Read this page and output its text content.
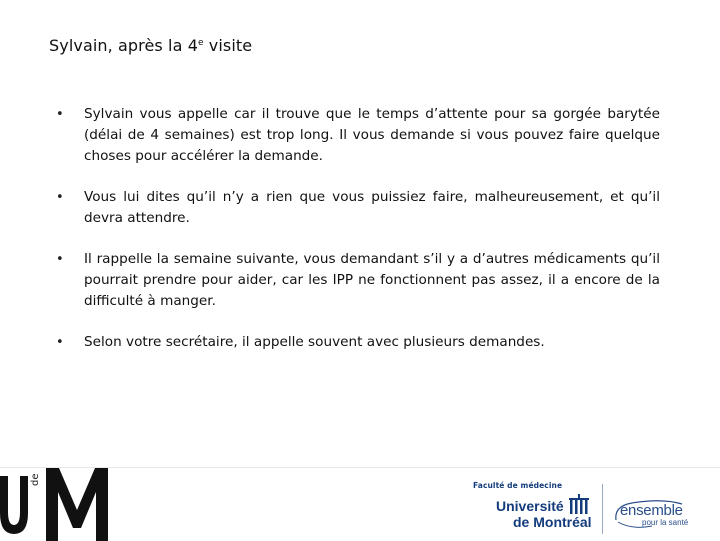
Sylvain, après la 4e visite
• Sylvain vous appelle car il trouve que le temps d’attente pour sa gorgée barytée (délai de 4 semaines) est trop long. Il vous demande si vous pouvez faire quelque choses pour accélérer la demande.
• Vous lui dites qu’il n’y a rien que vous puissiez faire, malheureusement, et qu’il devra attendre.
• Il rappelle la semaine suivante, vous demandant s’il y a d’autres médicaments qu’il pourrait prendre pour aider, car les IPP ne fonctionnent pas assez, il a encore de la difficulté à manger.
• Selon votre secrétaire, il appelle souvent avec plusieurs demandes.
de	Faculté de médecine
Université
de Montréal
ensemble
pour la santé
